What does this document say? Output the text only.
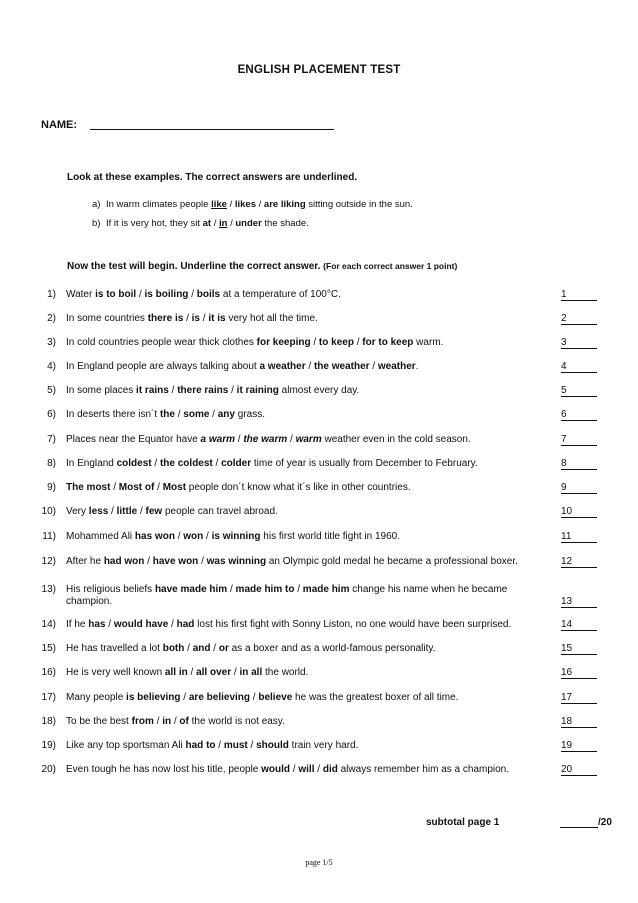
ENGLISH PLACEMENT TEST
NAME:
Look at these examples. The correct answers are underlined.
a) In warm climates people like / likes / are liking sitting outside in the sun.
b) If it is very hot, they sit at / in / under the shade.
Now the test will begin. Underline the correct answer. (For each correct answer 1 point)
1) Water is to boil / is boiling / boils at a temperature of 100°C.	1
2) In some countries there is / is / it is very hot all the time.	2
3) In cold countries people wear thick clothes for keeping / to keep / for to keep warm.	3
4) In England people are always talking about a weather / the weather / weather.	4
5) In some places it rains / there rains / it raining almost every day.	5
6) In deserts there isn´t the / some / any grass.	6
7) Places near the Equator have a warm / the warm / warm weather even in the cold season.	7
8) In England coldest / the coldest / colder time of year is usually from December to February.	8
9) The most / Most of / Most people don´t know what it´s like in other countries.	9
10) Very less / little / few people can travel abroad.	10
11) Mohammed Ali has won / won / is winning his first world title fight in 1960.	11
12) After he had won / have won / was winning an Olympic gold medal he became a professional boxer.	12
13) His religious beliefs have made him / made him to / made him change his name when he became champion.	13
14) If he has / would have / had lost his first fight with Sonny Liston, no one would have been surprised.	14
15) He has travelled a lot both / and / or as a boxer and as a world-famous personality.	15
16) He is very well known all in / all over / in all the world.	16
17) Many people is believing / are believing / believe he was the greatest boxer of all time.	17
18) To be the best from / in / of the world is not easy.	18
19) Like any top sportsman Ali had to / must / should train very hard.	19
20) Even tough he has now lost his title, people would / will / did always remember him as a champion.	20
subtotal page 1	/20
page 1/5
